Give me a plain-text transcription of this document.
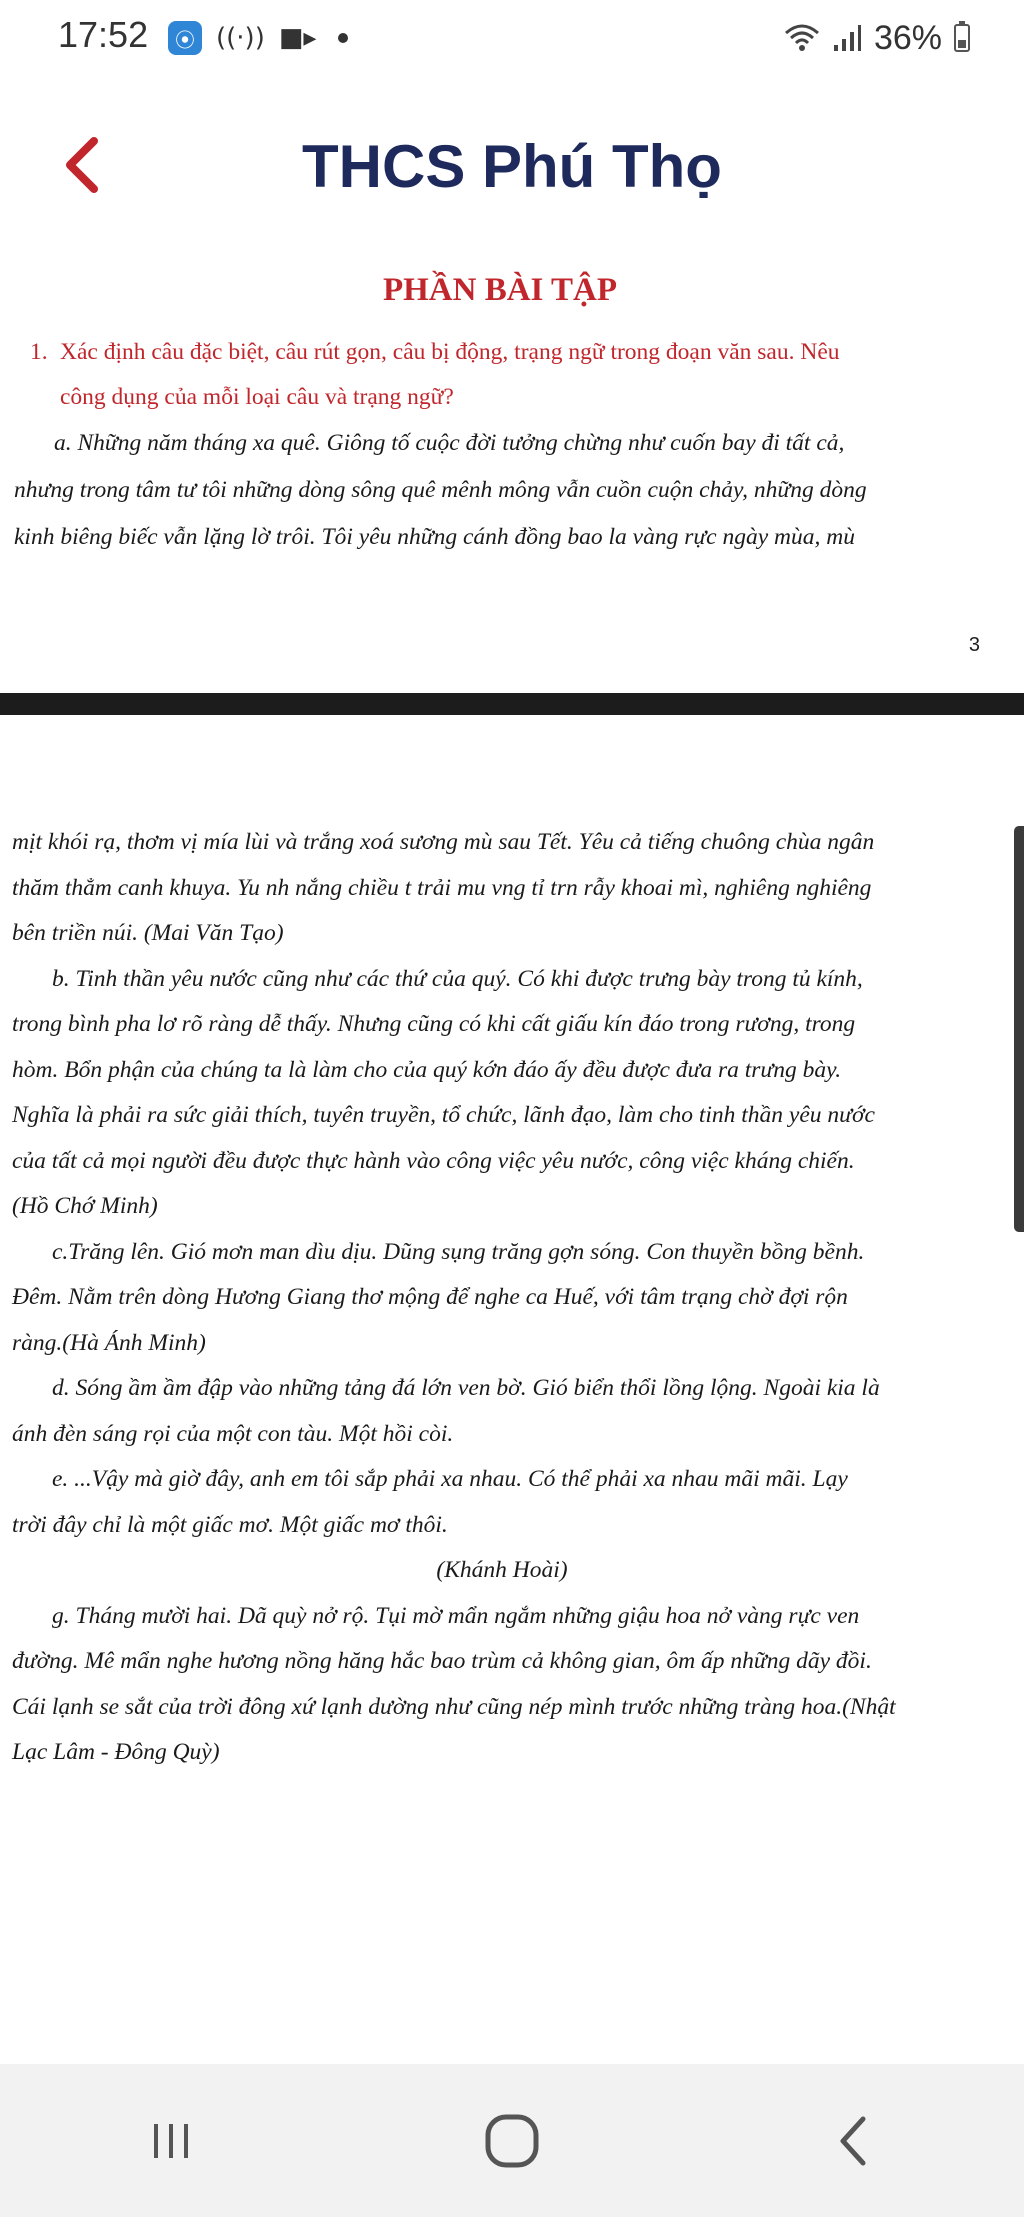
17:52	⦿ ((·)) ■▸	36%
THCS Phú Thọ
PHẦN BÀI TẬP
1. Xác định câu đặc biệt, câu rút gọn, câu bị động, trạng ngữ trong đoạn văn sau. Nêu
công dụng của mỗi loại câu và trạng ngữ?
a. Những năm tháng xa quê. Giông tố cuộc đời tưởng chừng như cuốn bay đi tất cả,
nhưng trong tâm tư tôi những dòng sông quê mênh mông vẫn cuồn cuộn chảy, những dòng
kinh biêng biếc vẫn lặng lờ trôi. Tôi yêu những cánh đồng bao la vàng rực ngày mùa, mù
3
mịt khói rạ, thơm vị mía lùi và trắng xoá sương mù sau Tết. Yêu cả tiếng chuông chùa ngân
thăm thẳm canh khuya. Yu nh nắng chiều t trải mu vng tỉ trn rẫy khoai mì, nghiêng nghiêng
bên triền núi. (Mai Văn Tạo)
b. Tinh thần yêu nước cũng như các thứ của quý. Có khi được trưng bày trong tủ kính,
trong bình pha lơ rõ ràng dễ thấy. Nhưng cũng có khi cất giấu kín đáo trong rương, trong
hòm. Bổn phận của chúng ta là làm cho của quý kớn đáo ấy đều được đưa ra trưng bày.
Nghĩa là phải ra sức giải thích, tuyên truyền, tổ chức, lãnh đạo, làm cho tinh thần yêu nước
của tất cả mọi người đều được thực hành vào công việc yêu nước, công việc kháng chiến.
(Hồ Chớ Minh)
c.Trăng lên. Gió mơn man dìu dịu. Dũng sụng trăng gợn sóng. Con thuyền bồng bềnh.
Đêm. Nằm trên dòng Hương Giang thơ mộng để nghe ca Huế, với tâm trạng chờ đợi rộn
ràng.(Hà Ánh Minh)
d. Sóng ầm ầm đập vào những tảng đá lớn ven bờ. Gió biển thổi lồng lộng. Ngoài kia là
ánh đèn sáng rọi của một con tàu. Một hồi còi.
e. ...Vậy mà giờ đây, anh em tôi sắp phải xa nhau. Có thể phải xa nhau mãi mãi. Lạy
trời đây chỉ là một giấc mơ. Một giấc mơ thôi.
(Khánh Hoài)
g. Tháng mười hai. Dã quỳ nở rộ. Tụi mờ mẩn ngắm những giậu hoa nở vàng rực ven
đường. Mê mẩn nghe hương nồng hăng hắc bao trùm cả không gian, ôm ấp những dãy đồi.
Cái lạnh se sắt của trời đông xứ lạnh dường như cũng nép mình trước những tràng hoa.(Nhật
Lạc Lâm - Đông Quỳ)
